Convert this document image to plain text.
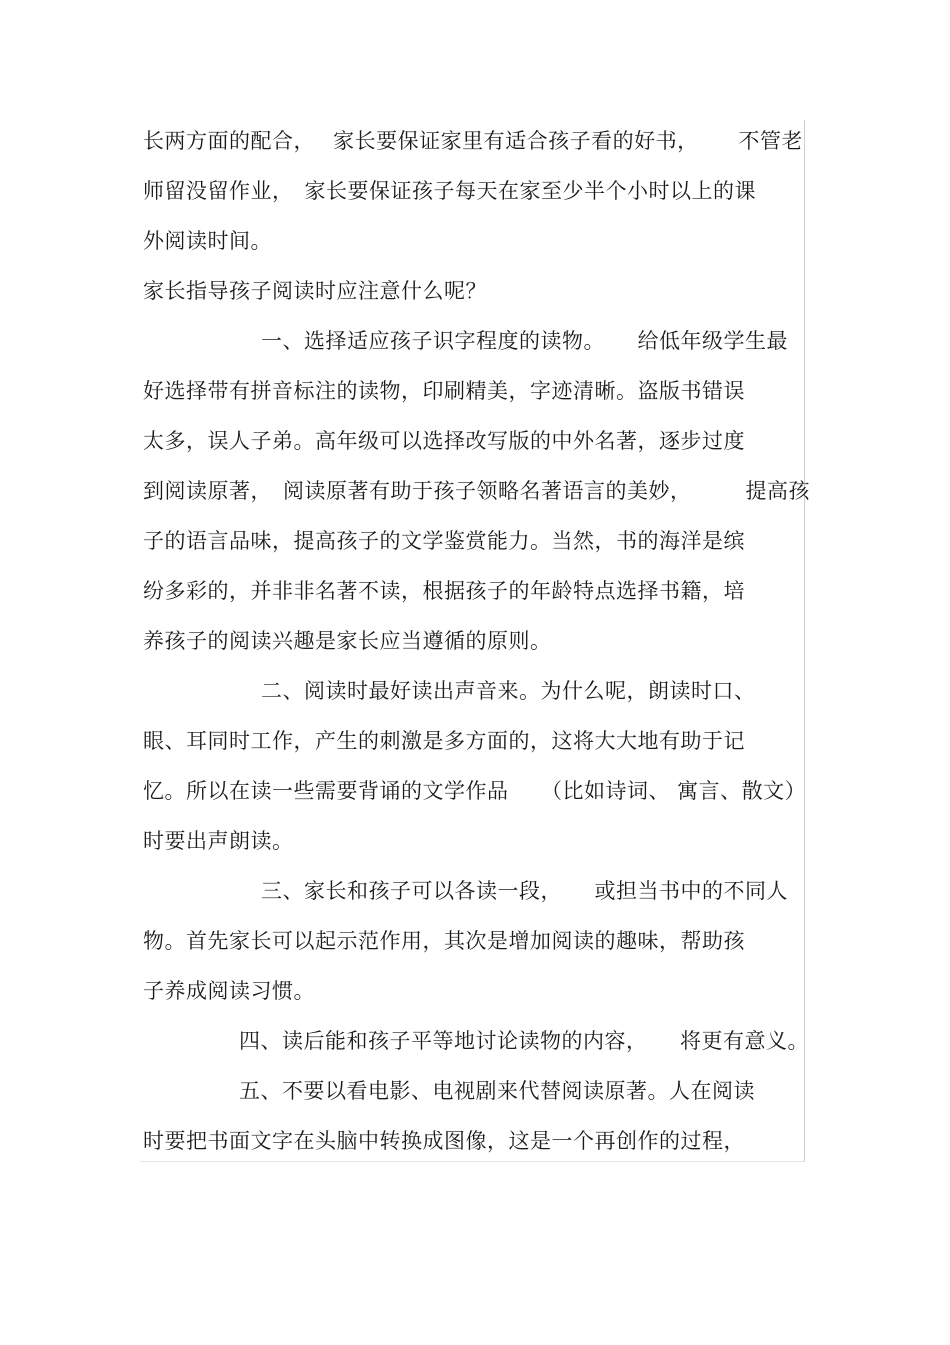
长两方面的配合，　 家长要保证家里有适合孩子看的好书，　　 不管老
师留没留作业，　家长要保证孩子每天在家至少半个小时以上的课
外阅读时间。
家长指导孩子阅读时应注意什么呢？
一、选择适应孩子识字程度的读物。　　给低年级学生最
好选择带有拼音标注的读物，印刷精美，字迹清晰。盗版书错误
太多，误人子弟。高年级可以选择改写版的中外名著，逐步过度
到阅读原著，　阅读原著有助于孩子领略名著语言的美妙，　　　提高孩
子的语言品味，提高孩子的文学鉴赏能力。当然，书的海洋是缤
纷多彩的，并非非名著不读，根据孩子的年龄特点选择书籍，培
养孩子的阅读兴趣是家长应当遵循的原则。
二、阅读时最好读出声音来。为什么呢，朗读时口、
眼、耳同时工作，产生的刺激是多方面的，这将大大地有助于记
忆。所以在读一些需要背诵的文学作品　　（比如诗词、 寓言、散文）
时要出声朗读。
三、家长和孩子可以各读一段，　　或担当书中的不同人
物。首先家长可以起示范作用，其次是增加阅读的趣味，帮助孩
子养成阅读习惯。
四、读后能和孩子平等地讨论读物的内容，　　将更有意义。
五、不要以看电影、电视剧来代替阅读原著。人在阅读
时要把书面文字在头脑中转换成图像，这是一个再创作的过程，
